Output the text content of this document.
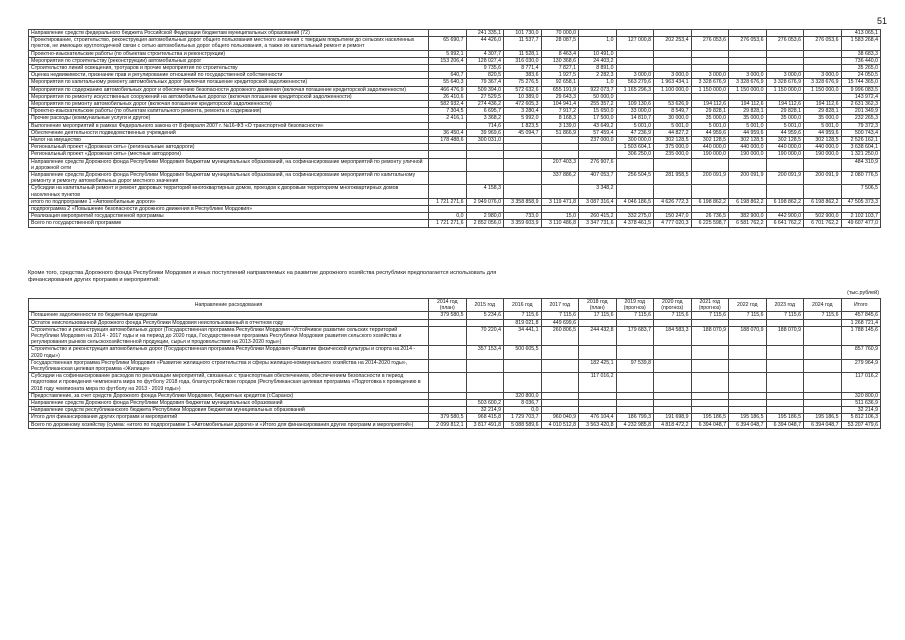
51
Направление средств федерального бюджета Российской Федерации бюджетам муниципальных образований (72)		241 335,1	101 730,0	70 000,0								413 065,1
Проектирование, строительство, реконструкция автомобильных дорог общего пользования местного значения с твердым покрытием до сельских населенных пунктов, не имеющих круглогодичной связи с сетью автомобильных дорог общего пользования, а также их капитальный ремонт и ремонт	65 690,7	44 426,0	11 537,7	28 087,5	1,0	127 000,8	202 253,4	276 053,6	276 053,6	276 053,6	276 053,6	1 583 268,4
Проектно-изыскательские работы (по объектам строительства и реконструкции)	5 992,1	4 307,7	11 528,1	8 463,4	10 491,0							38 683,3
Мероприятия по строительству (реконструкции) автомобильных дорог	153 206,4	128 027,4	316 030,0	130 368,6	24 403,2							736 440,0
Строительство линий освещения, тротуаров и прочие мероприятия по строительству		9 735,6	8 771,4	7 827,1	8 891,0							35 265,0
Оценка недвижимости, признание прав и регулирование отношений по государственной собственности	640,7	820,5	383,6	1 927,5	2 282,3	3 000,0	3 000,0	3 000,0	3 000,0	3 000,0	3 000,0	24 050,5
Мероприятия по капитальному ремонту автомобильных дорог (включая погашение кредиторской задолженности)	55 640,3	79 367,4	75 276,5	92 658,1	1,0	563 279,6	1 963 434,1	3 328 676,9	3 328 676,9	3 328 676,9	3 328 676,9	15 744 365,0
Мероприятия по содержанию автомобильных дорог и обеспечению безопасности дорожного движения (включая погашение кредиторской задолженности)	466 476,9	509 394,0	572 632,6	655 191,9	922 073,7	1 165 296,3	1 100 000,0	1 150 000,0	1 150 000,0	1 150 000,0	1 150 000,0	9 996 083,5
Мероприятия по ремонту искусственных сооружений на автомобильных дорогах (включая погашение кредиторской задолженности)	26 410,6	27 529,5	10 389,0	29 643,3	50 000,0							143 972,4
Мероприятия по ремонту автомобильных дорог (включая погашение кредиторской задолженности)	582 932,4	274 436,2	472 605,3	104 941,4	255 357,2	109 130,6	53 626,9	194 112,6	194 112,6	194 112,6	194 112,6	2 631 362,3
Проектно-изыскательские работы (по объектам капитального ремонта, ремонта и содержания)	7 304,5	6 695,7	3 280,4	7 917,2	15 650,0	33 000,0	8 549,7	29 828,1	29 828,1	29 828,1	29 828,1	201 349,9
Прочие расходы (коммунальные услуги и другое)	2 416,1	3 368,2	5 992,0	8 168,3	17 500,0	14 810,7	30 000,0	35 000,0	35 000,0	35 000,0	35 000,0	232 265,3
Выполнение мероприятий в рамках Федерального закона от 8 февраля 2007 г. №16-ФЗ «О транспортной безопасности»		714,6	1 823,5	3 139,0	43 649,2	5 001,0	5 001,0	5 001,0	5 001,0	5 001,0	5 001,0	79 372,3
Обеспечение деятельности подведомственных учреждений	36 450,4	39 969,6	45 094,7	51 866,9	57 459,4	47 236,9	44 827,2	44 959,6	44 959,6	44 959,6	44 959,6	500 743,4
Налог на имущество	178 488,6	300 031,0			237 000,0	300 000,0	302 128,5	302 128,5	302 128,5	302 128,5	302 128,5	2 526 162,1
Региональный проект «Дорожная сеть» (региональные автодороги)						1 503 604,1	375 000,0	440 000,0	440 000,0	440 000,0	440 000,0	3 638 604,1
Региональный проект «Дорожная сеть» (местные автодороги)						306 250,0	235 000,0	190 000,0	190 000,0	190 000,0	190 000,0	1 321 250,0
Направление средств Дорожного фонда Республики Мордовия бюджетам муниципальных образований, на софинансирование мероприятий по ремонту уличной и дорожной сети				207 403,3	276 907,6							484 310,9
Направление средств Дорожного фонда Республики Мордовия бюджетам муниципальных образований, на софинансирование мероприятий по капитальному ремонту и ремонту автомобильных дорог местного значения				337 886,2	407 053,7	256 504,5	281 958,5	200 091,9	200 091,9	200 091,9	200 091,9	2 080 776,5
Субсидии на капитальный ремонт и ремонт дворовых территорий многоквартирных домов, проездов к дворовым территориям многоквартирных домов населенных пунктов		4 158,3			3 348,2							7 506,5
итого по подпрограмме 1 «Автомобильные дороги»	1 721 271,6	2 949 076,0	3 358 858,9	3 119 471,8	3 087 316,4	4 046 186,5	4 626 772,3	6 198 862,2	6 198 862,2	6 198 862,2	6 198 862,2	47 505 373,3
подпрограмма 2 «Повышение безопасности дорожного движения в Республике Мордовия»												
Реализация мероприятий государственной программы	0,0	2 980,0	733,0	15,0	260 415,2	332 275,0	150 247,0	26 736,5	382 900,0	442 900,0	502 900,0	2 102 103,7
Всего по государственной программе	1 721 271,6	2 852 056,0	3 359 603,9	3 110 486,8	3 347 731,6	4 378 461,5	4 777 020,3	6 225 598,7	6 581 762,2	6 641 762,2	6 701 762,2	49 607 477,0
Кроме того, средства Дорожного фонда Республики Мордовия и иных поступлений направляемых на развитие дорожного хозяйства республики предполагается использовать для финансирования других программ и мероприятий:
(тыс.рублей)
Направление расходования	2014 год (план)	2015 год	2016 год	2017 год	2018 год (план)	2019 год (прогноз)	2020 год (прогноз)	2021 год (прогноз)	2022 год	2023 год	2024 год	Итого
Погашение задолженности по бюджетным кредитам	379 580,5	5 234,6	7 115,6	7 115,6	17 115,6	7 115,6	7 115,6	7 115,6	7 115,6	7 115,6	7 115,6	457 845,6
Остаток неиспользованной Дорожного фонда Республики Мордовия неиспользованный в отчетном году			819 021,8	449 699,6								1 268 721,4
Строительство и реконструкция автомобильных дорог (Государственная программа Республики Мордовия «Устойчивое развитие сельских территорий Республики Мордовия на 2014 - 2017 годы и на период до 2020 года, Государственная программа Республики Мордовия развития сельского хозяйства и регулирования рынков сельскохозяйственной продукции, сырья и продовольствия на 2013-2020 годы»)		70 220,4	34 441,1	260 806,5	244 432,8	179 683,7	184 583,3	188 070,9	188 070,9	188 070,9		1 788 145,6
Строительство и реконструкция автомобильных дорог (Государственная программа Республики Мордовия «Развитие физической культуры и спорта на 2014 - 2020 годы»)		357 153,4	500 605,5									857 760,9
Государственная программа Республики Мордовия «Развитие жилищного строительства и сферы жилищно-коммунального хозяйства на 2014-2020 годы», Республиканская целевая программа «Жилище»					182 425,1	97 539,8						279 964,9
Субсидии на софинансирование расходов по реализации мероприятий, связанных с транспортным обеспечением, обеспечением безопасности в период подготовки и проведения чемпионата мира по футболу 2018 года, благоустройством городов (Республиканская целевая программа «Подготовка к проведению в 2018 году чемпионата мира по футболу на 2013 - 2019 годы»)					117 016,2							117 016,2
Предоставление, за счет средств Дорожного фонда Республики Мордовия, бюджетных кредитов (г.Саранск)			320 800,0									320 800,0
Направление средств Дорожного фонда Республики Мордовия бюджетам муниципальных образований		503 600,2	8 036,7									511 636,9
Направление средств республиканского бюджета Республики Мордовия бюджетам муниципальных образований		32 214,9	0,0									32 214,9
Итого для финансирования других программ и мероприятий	379 580,5	968 415,8	1 729 703,7	960 040,9	476 104,4	186 799,3	191 698,9	195 186,5	195 186,5	195 186,5	195 186,5	5 812 106,3
Всего по дорожному хозяйству (сумма: «итого по подпрограмме 1 «Автомобильные дороги» и «Итого для финансирования других программ и мероприятий»)	2 099 812,1	3 817 491,8	5 088 589,6	4 010 512,8	3 563 420,8	4 232 985,8	4 818 472,2	6 394 048,7	6 394 048,7	6 394 048,7	6 394 048,7	53 207 479,6
